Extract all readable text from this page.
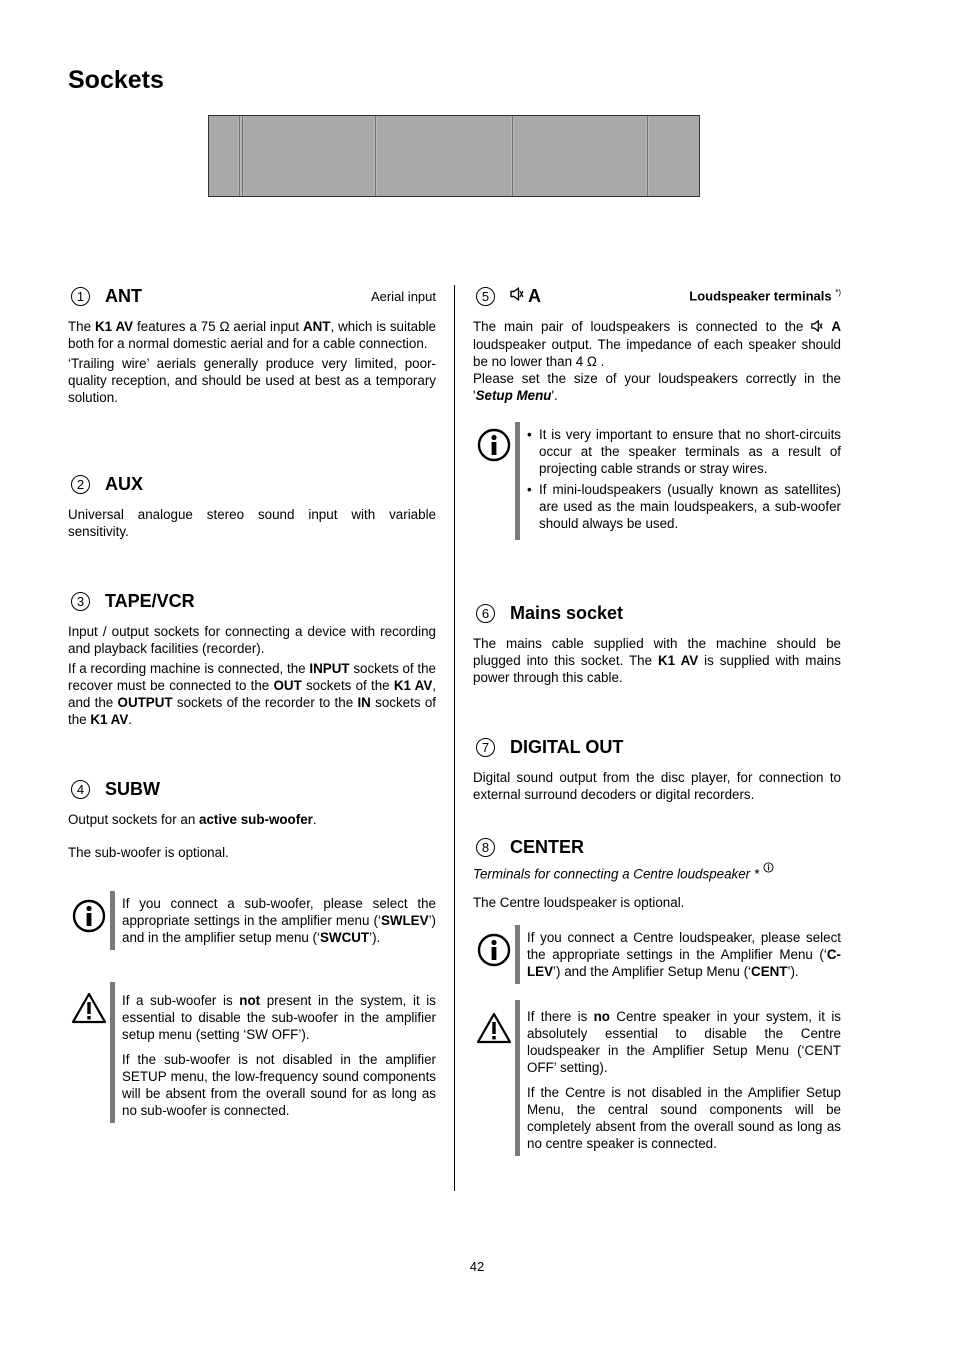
Sockets
1	ANT	Aerial input

The K1 AV features a 75 Ω aerial input ANT, which is suitable both for a normal domestic aerial and for a cable connection.

‘Trailing wire’ aerials generally produce very limited, poor-quality reception, and should be used at best as a temporary solution.

2	AUX

Universal analogue stereo sound input with variable sensitivity.

3	TAPE/VCR

Input / output sockets for connecting a device with recording and playback facilities (recorder).

If a recording machine is connected, the INPUT sockets of the recover must be connected to the OUT sockets of the K1 AV, and the OUTPUT sockets of the recorder to the IN sockets of the K1 AV.

4	SUBW

Output sockets for an active sub-woofer.

The sub-woofer is optional.

If you connect a sub-woofer, please select the appropriate settings in the amplifier menu (‘SWLEV’) and in the amplifier setup menu (‘SWCUT’).

If a sub-woofer is not present in the system, it is essential to disable the sub-woofer in the amplifier setup menu (setting ‘SW OFF’).

If the sub-woofer is not disabled in the amplifier SETUP menu, the low-frequency sound components will be absent from the overall sound for as long as no sub-woofer is connected.

5	A	Loudspeaker terminals *)

The main pair of loudspeakers is connected to the  A loudspeaker output. The impedance of each speaker should be no lower than 4 Ω .

Please set the size of your loudspeakers correctly in the 'Setup Menu'.

• It is very important to ensure that no short-circuits occur at the speaker terminals as a result of projecting cable strands or stray wires.
• If mini-loudspeakers (usually known as satellites) are used as the main loudspeakers, a sub-woofer should always be used.
6	Mains socket

The mains cable supplied with the machine should be plugged into this socket. The K1 AV is supplied with mains power through this cable.

7	DIGITAL OUT

Digital sound output from the disc player, for connection to external surround decoders or digital recorders.

8	CENTER

Terminals for connecting a Centre loudspeaker *

The Centre loudspeaker is optional.

If you connect a Centre loudspeaker, please select the appropriate settings in the Amplifier Menu (‘C-LEV’) and the Amplifier Setup Menu (‘CENT’).

If there is no Centre speaker in your system, it is absolutely essential to disable the Centre loudspeaker in the Amplifier Setup Menu (‘CENT OFF’ setting).

If the Centre is not disabled in the Amplifier Setup Menu, the central sound components will be completely absent from the overall sound as long as no centre speaker is connected.

42
